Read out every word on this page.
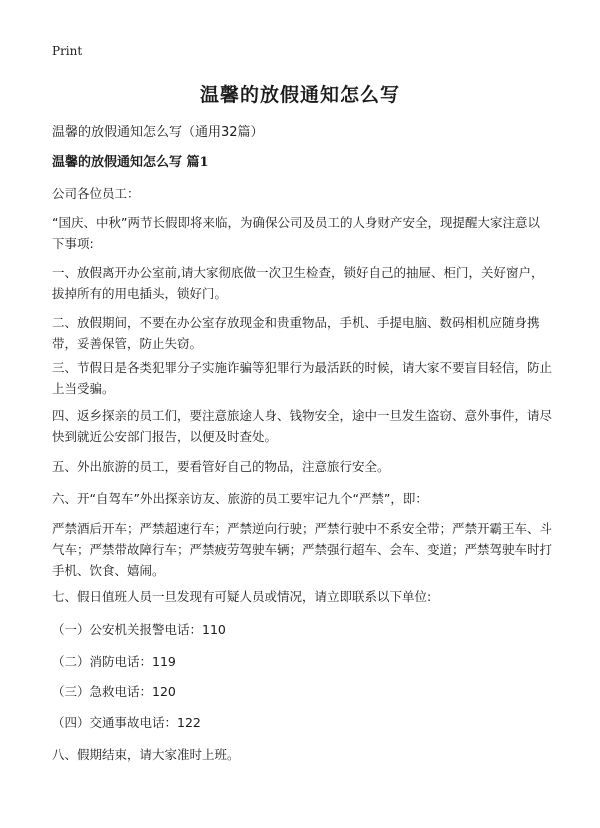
Print
温馨的放假通知怎么写
温馨的放假通知怎么写（通用32篇）
温馨的放假通知怎么写 篇1

公司各位员工：

“国庆、中秋”两节长假即将来临，为确保公司及员工的人身财产安全，现提醒大家注意以下事项:

一、放假离开办公室前,请大家彻底做一次卫生检查，锁好自己的抽屉、柜门，关好窗户，拔掉所有的用电插头，锁好门。

二、放假期间，不要在办公室存放现金和贵重物品，手机、手提电脑、数码相机应随身携带，妥善保管，防止失窃。

三、节假日是各类犯罪分子实施诈骗等犯罪行为最活跃的时候，请大家不要盲目轻信，防止上当受骗。

四、返乡探亲的员工们，要注意旅途人身、钱物安全，途中一旦发生盗窃、意外事件，请尽快到就近公安部门报告，以便及时查处。

五、外出旅游的员工，要看管好自己的物品，注意旅行安全。

六、开“自驾车”外出探亲访友、旅游的员工要牢记九个“严禁”，即：

严禁酒后开车；严禁超速行车；严禁逆向行驶；严禁行驶中不系安全带；严禁开霸王车、斗气车；严禁带故障行车；严禁疲劳驾驶车辆；严禁强行超车、会车、变道；严禁驾驶车时打手机、饮食、嬉闹。

七、假日值班人员一旦发现有可疑人员或情况，请立即联系以下单位:

（一）公安机关报警电话：110

（二）消防电话：119

（三）急救电话：120

（四）交通事故电话：122

八、假期结束，请大家准时上班。
